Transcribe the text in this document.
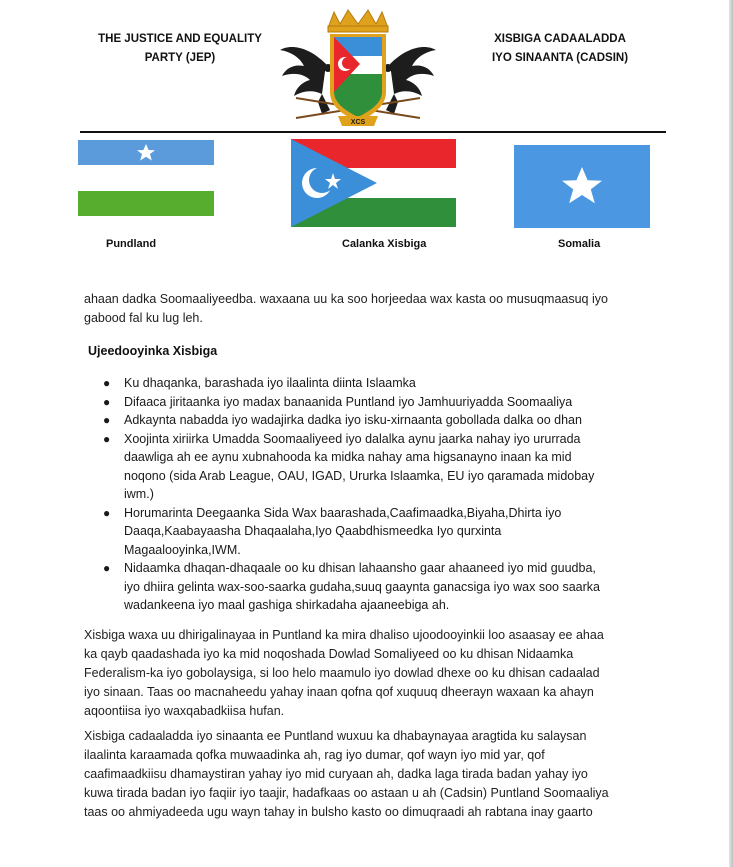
THE JUSTICE AND EQUALITY
PARTY (JEP)
XCS
XISBIGA CADAALADDA
IYO SINAANTA (CADSIN)
Pundland	Calanka Xisbiga	Somalia
ahaan dadka Soomaaliyeedba. waxaana uu ka soo horjeedaa wax kasta oo musuqmaasuq iyo
gabood fal ku lug leh.
Ujeedooyinka Xisbiga
● Ku dhaqanka, barashada iyo ilaalinta diinta Islaamka
● Difaaca jiritaanka iyo madax banaanida Puntland iyo Jamhuuriyadda Soomaaliya
● Adkaynta nabadda iyo wadajirka dadka iyo isku-xirnaanta gobollada dalka oo dhan
● Xoojinta xiriirka Umadda Soomaaliyeed iyo dalalka aynu jaarka nahay iyo ururrada
daawliga ah ee aynu xubnahooda ka midka nahay ama higsanayno inaan ka mid
noqono (sida Arab League, OAU, IGAD, Ururka Islaamka, EU iyo qaramada midobay
iwm.)
● Horumarinta Deegaanka Sida Wax baarashada,Caafimaadka,Biyaha,Dhirta iyo
Daaqa,Kaabayaasha Dhaqaalaha,Iyo Qaabdhismeedka Iyo qurxinta
Magaalooyinka,IWM.
● Nidaamka dhaqan-dhaqaale oo ku dhisan lahaansho gaar ahaaneed iyo mid guudba,
iyo dhiira gelinta wax-soo-saarka gudaha,suuq gaaynta ganacsiga iyo wax soo saarka
wadankeena iyo maal gashiga shirkadaha ajaaneebiga ah.
Xisbiga waxa uu dhirigalinayaa in Puntland ka mira dhaliso ujoodooyinkii loo asaasay ee ahaa
ka qayb qaadashada iyo ka mid noqoshada Dowlad Somaliyeed oo ku dhisan Nidaamka
Federalism-ka iyo gobolaysiga, si loo helo maamulo iyo dowlad dhexe oo ku dhisan cadaalad
iyo sinaan. Taas oo macnaheedu yahay inaan qofna qof xuquuq dheerayn waxaan ka ahayn
aqoontiisa iyo waxqabadkiisa hufan.
Xisbiga cadaaladda iyo sinaanta ee Puntland wuxuu ka dhabaynayaa aragtida ku salaysan
ilaalinta karaamada qofka muwaadinka ah, rag iyo dumar, qof wayn iyo mid yar, qof
caafimaadkiisu dhamaystiran yahay iyo mid curyaan ah, dadka laga tirada badan yahay iyo
kuwa tirada badan iyo faqiir iyo taajir, hadafkaas oo astaan u ah (Cadsin) Puntland Soomaaliya
taas oo ahmiyadeeda ugu wayn tahay in bulsho kasto oo dimuqraadi ah rabtana inay gaarto
